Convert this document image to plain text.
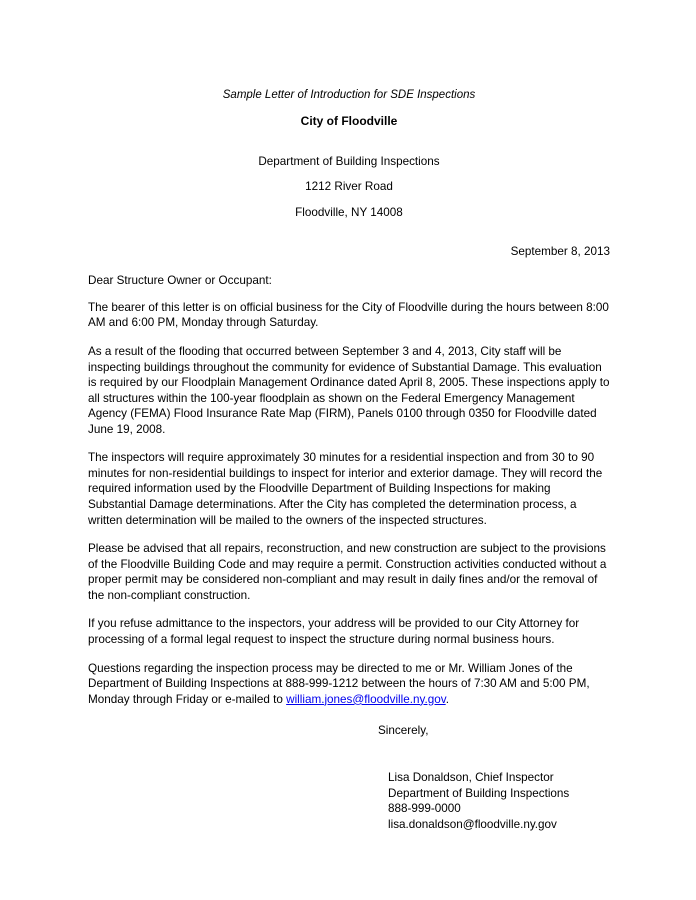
Sample Letter of Introduction for SDE Inspections
City of Floodville
Department of Building Inspections
1212 River Road
Floodville, NY 14008
September 8, 2013
Dear Structure Owner or Occupant:

The bearer of this letter is on official business for the City of Floodville during the hours between 8:00 AM and 6:00 PM, Monday through Saturday.

As a result of the flooding that occurred between September 3 and 4, 2013, City staff will be inspecting buildings throughout the community for evidence of Substantial Damage. This evaluation is required by our Floodplain Management Ordinance dated April 8, 2005. These inspections apply to all structures within the 100-year floodplain as shown on the Federal Emergency Management Agency (FEMA) Flood Insurance Rate Map (FIRM), Panels 0100 through 0350 for Floodville dated June 19, 2008.

The inspectors will require approximately 30 minutes for a residential inspection and from 30 to 90 minutes for non-residential buildings to inspect for interior and exterior damage. They will record the required information used by the Floodville Department of Building Inspections for making Substantial Damage determinations. After the City has completed the determination process, a written determination will be mailed to the owners of the inspected structures.

Please be advised that all repairs, reconstruction, and new construction are subject to the provisions of the Floodville Building Code and may require a permit. Construction activities conducted without a proper permit may be considered non-compliant and may result in daily fines and/or the removal of the non-compliant construction.

If you refuse admittance to the inspectors, your address will be provided to our City Attorney for processing of a formal legal request to inspect the structure during normal business hours.

Questions regarding the inspection process may be directed to me or Mr. William Jones of the Department of Building Inspections at 888-999-1212 between the hours of 7:30 AM and 5:00 PM, Monday through Friday or e-mailed to william.jones@floodville.ny.gov.

Sincerely,
Lisa Donaldson, Chief Inspector
Department of Building Inspections
888-999-0000
lisa.donaldson@floodville.ny.gov
